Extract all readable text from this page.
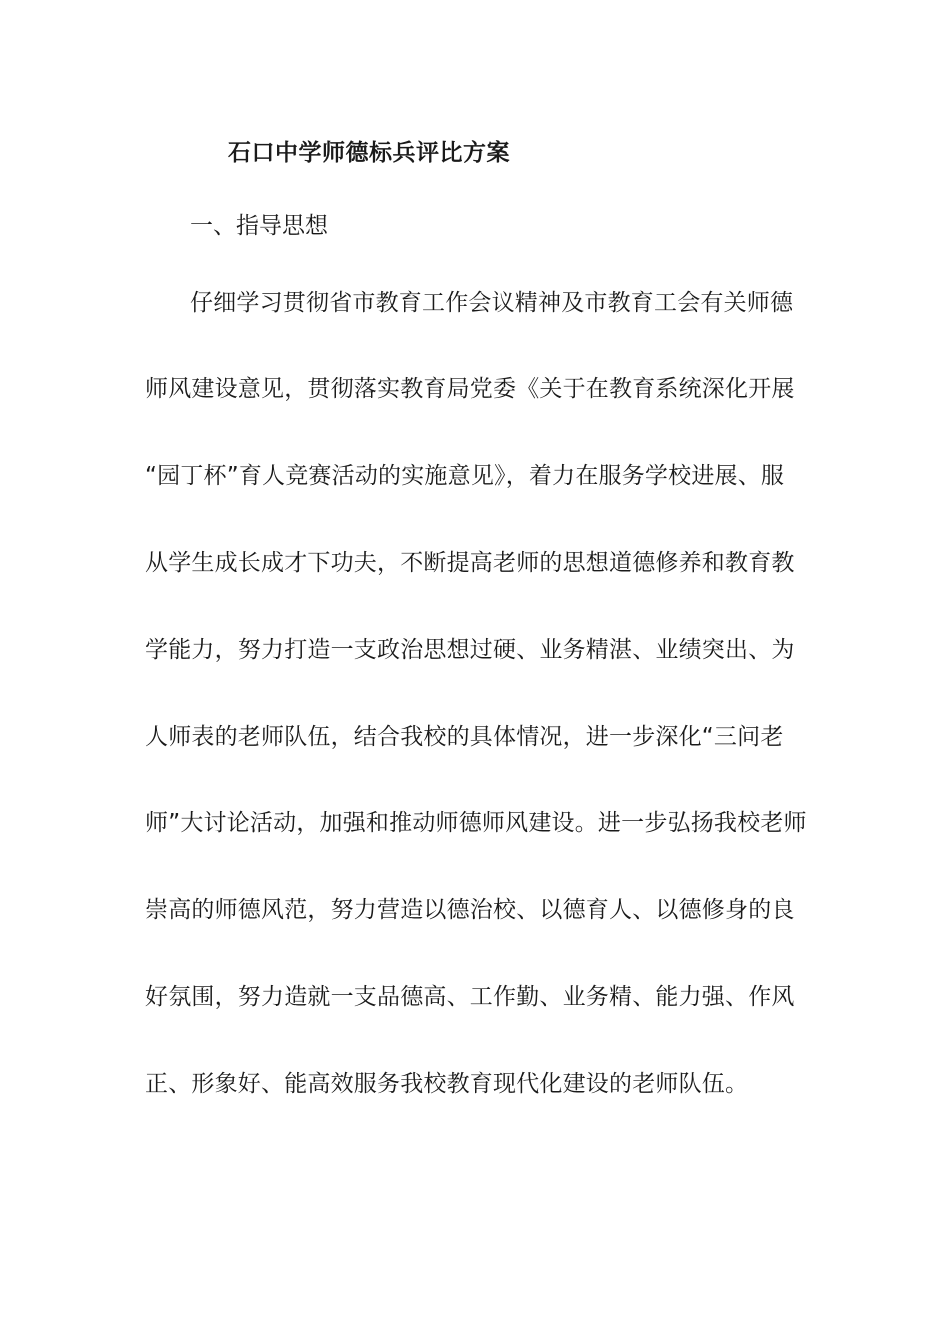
石口中学师德标兵评比方案
一、指导思想
仔细学习贯彻省市教育工作会议精神及市教育工会有关师德
师风建设意见，贯彻落实教育局党委《关于在教育系统深化开展
“园丁杯”育人竞赛活动的实施意见》，着力在服务学校进展、服
从学生成长成才下功夫，不断提高老师的思想道德修养和教育教
学能力，努力打造一支政治思想过硬、业务精湛、业绩突出、为
人师表的老师队伍，结合我校的具体情况，进一步深化“三问老
师”大讨论活动，加强和推动师德师风建设。进一步弘扬我校老师
崇高的师德风范，努力营造以德治校、以德育人、以德修身的良
好氛围，努力造就一支品德高、工作勤、业务精、能力强、作风
正、形象好、能高效服务我校教育现代化建设的老师队伍。
